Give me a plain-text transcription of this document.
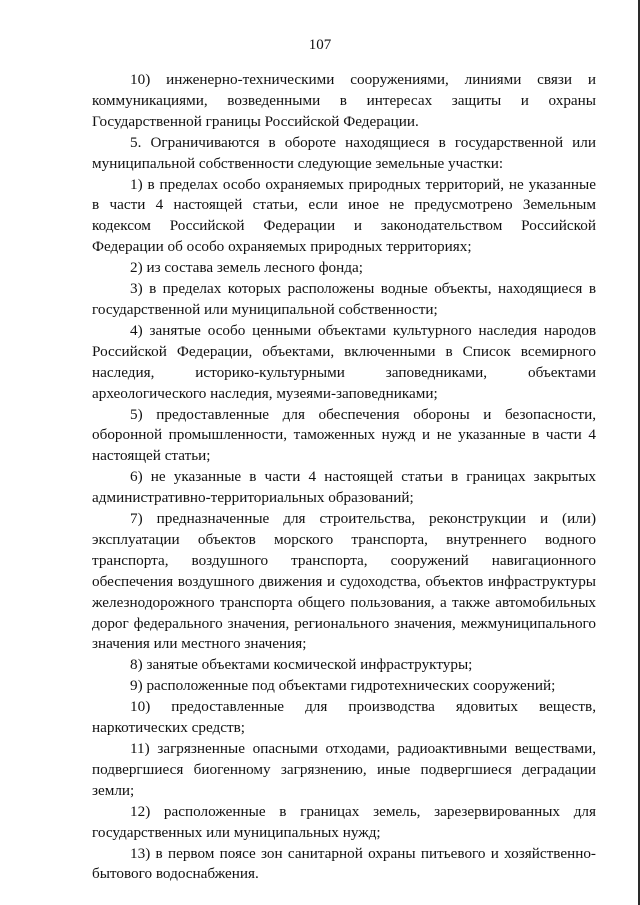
107

10) инженерно-техническими сооружениями, линиями связи и коммуникациями, возведенными в интересах защиты и охраны Государственной границы Российской Федерации.

5. Ограничиваются в обороте находящиеся в государственной или муниципальной собственности следующие земельные участки:

1) в пределах особо охраняемых природных территорий, не указанные в части 4 настоящей статьи, если иное не предусмотрено Земельным кодексом Российской Федерации и законодательством Российской Федерации об особо охраняемых природных территориях;

2) из состава земель лесного фонда;

3) в пределах которых расположены водные объекты, находящиеся в государственной или муниципальной собственности;

4) занятые особо ценными объектами культурного наследия народов Российской Федерации, объектами, включенными в Список всемирного наследия, историко-культурными заповедниками, объектами археологического наследия, музеями-заповедниками;

5) предоставленные для обеспечения обороны и безопасности, оборонной промышленности, таможенных нужд и не указанные в части 4 настоящей статьи;

6) не указанные в части 4 настоящей статьи в границах закрытых административно-территориальных образований;

7) предназначенные для строительства, реконструкции и (или) эксплуатации объектов морского транспорта, внутреннего водного транспорта, воздушного транспорта, сооружений навигационного обеспечения воздушного движения и судоходства, объектов инфраструктуры железнодорожного транспорта общего пользования, а также автомобильных дорог федерального значения, регионального значения, межмуниципального значения или местного значения;

8) занятые объектами космической инфраструктуры;

9) расположенные под объектами гидротехнических сооружений;

10) предоставленные для производства ядовитых веществ, наркотических средств;

11) загрязненные опасными отходами, радиоактивными веществами, подвергшиеся биогенному загрязнению, иные подвергшиеся деградации земли;

12) расположенные в границах земель, зарезервированных для государственных или муниципальных нужд;

13) в первом поясе зон санитарной охраны питьевого и хозяйственно-бытового водоснабжения.
